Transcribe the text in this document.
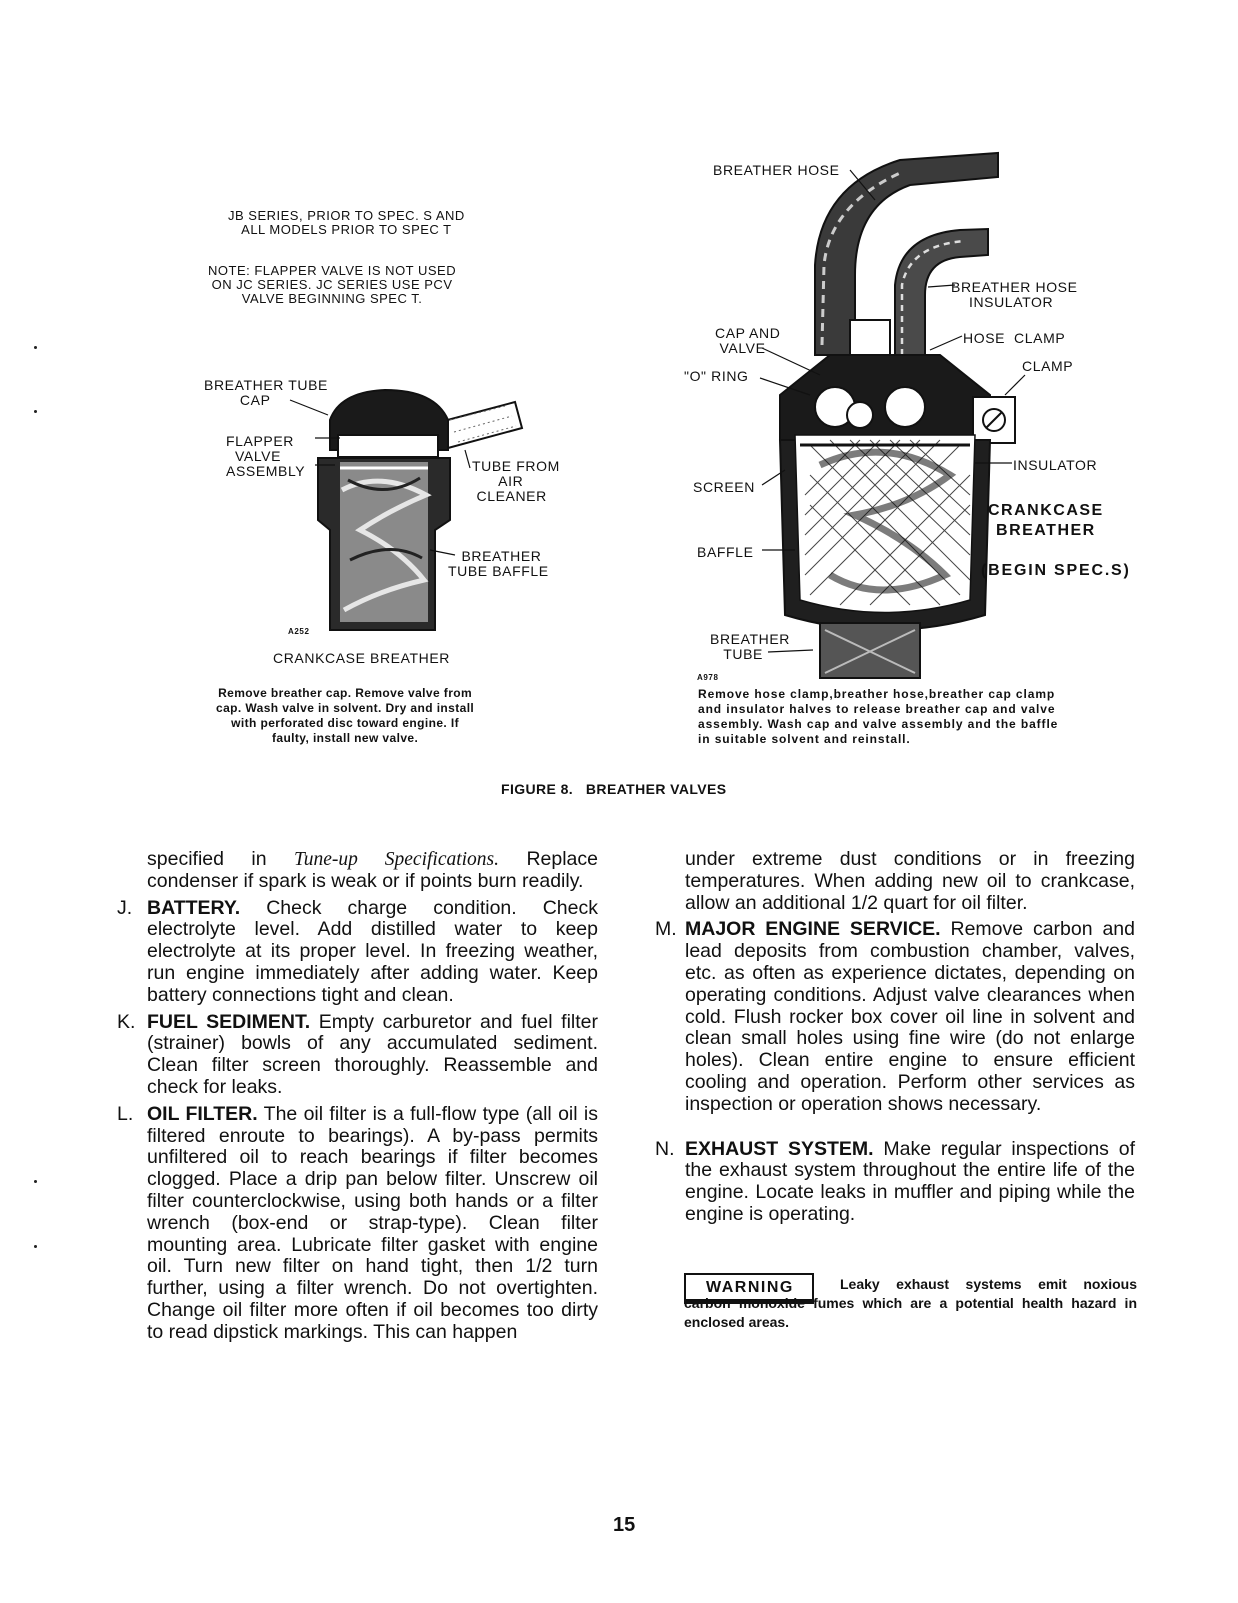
JB SERIES, PRIOR TO SPEC. S AND
ALL MODELS PRIOR TO SPEC T
NOTE: FLAPPER VALVE IS NOT USED
ON JC SERIES. JC SERIES USE PCV
VALVE BEGINNING SPEC T.
BREATHER TUBE
CAP
FLAPPER
VALVE
ASSEMBLY	TUBE FROM
AIR
CLEANER
BREATHER
TUBE BAFFLE
A252
CRANKCASE BREATHER
Remove breather cap. Remove valve from
cap. Wash valve in solvent. Dry and install
with perforated disc toward engine. If
faulty, install new valve.
BREATHER HOSE
BREATHER HOSE
INSULATOR
CAP AND
VALVE
HOSE  CLAMP
"O" RING
CLAMP
INSULATOR
SCREEN
BAFFLE
BREATHER
TUBE
A978
CRANKCASE
BREATHER
(BEGIN SPEC.S)
Remove hose clamp,breather hose,breather cap clamp
and insulator halves to release breather cap and valve
assembly. Wash cap and valve assembly and the baffle
in suitable solvent and reinstall.
FIGURE 8.   BREATHER VALVES
specified in Tune-up Specifications. Replace condenser if spark is weak or if points burn readily.
J. BATTERY. Check charge condition. Check electrolyte level. Add distilled water to keep electrolyte at its proper level. In freezing weather, run engine immediately after adding water. Keep battery connections tight and clean.
K. FUEL SEDIMENT. Empty carburetor and fuel filter (strainer) bowls of any accumulated sediment. Clean filter screen thoroughly. Reassemble and check for leaks.
L. OIL FILTER. The oil filter is a full-flow type (all oil is filtered enroute to bearings). A by-pass permits unfiltered oil to reach bearings if filter becomes clogged. Place a drip pan below filter. Unscrew oil filter counterclockwise, using both hands or a filter wrench (box-end or strap-type). Clean filter mounting area. Lubricate filter gasket with engine oil. Turn new filter on hand tight, then 1/2 turn further, using a filter wrench. Do not overtighten. Change oil filter more often if oil becomes too dirty to read dipstick markings. This can happen
under extreme dust conditions or in freezing temperatures. When adding new oil to crankcase, allow an additional 1/2 quart for oil filter.
M. MAJOR ENGINE SERVICE. Remove carbon and lead deposits from combustion chamber, valves, etc. as often as experience dictates, depending on operating conditions. Adjust valve clearances when cold. Flush rocker box cover oil line in solvent and clean small holes using fine wire (do not enlarge holes). Clean entire engine to ensure efficient cooling and operation. Perform other services as inspection or operation shows necessary.
N. EXHAUST SYSTEM. Make regular inspections of the exhaust system throughout the entire life of the engine. Locate leaks in muffler and piping while the engine is operating.
WARNING	Leaky exhaust systems emit noxious carbon monoxide fumes which are a potential health hazard in enclosed areas.
15
